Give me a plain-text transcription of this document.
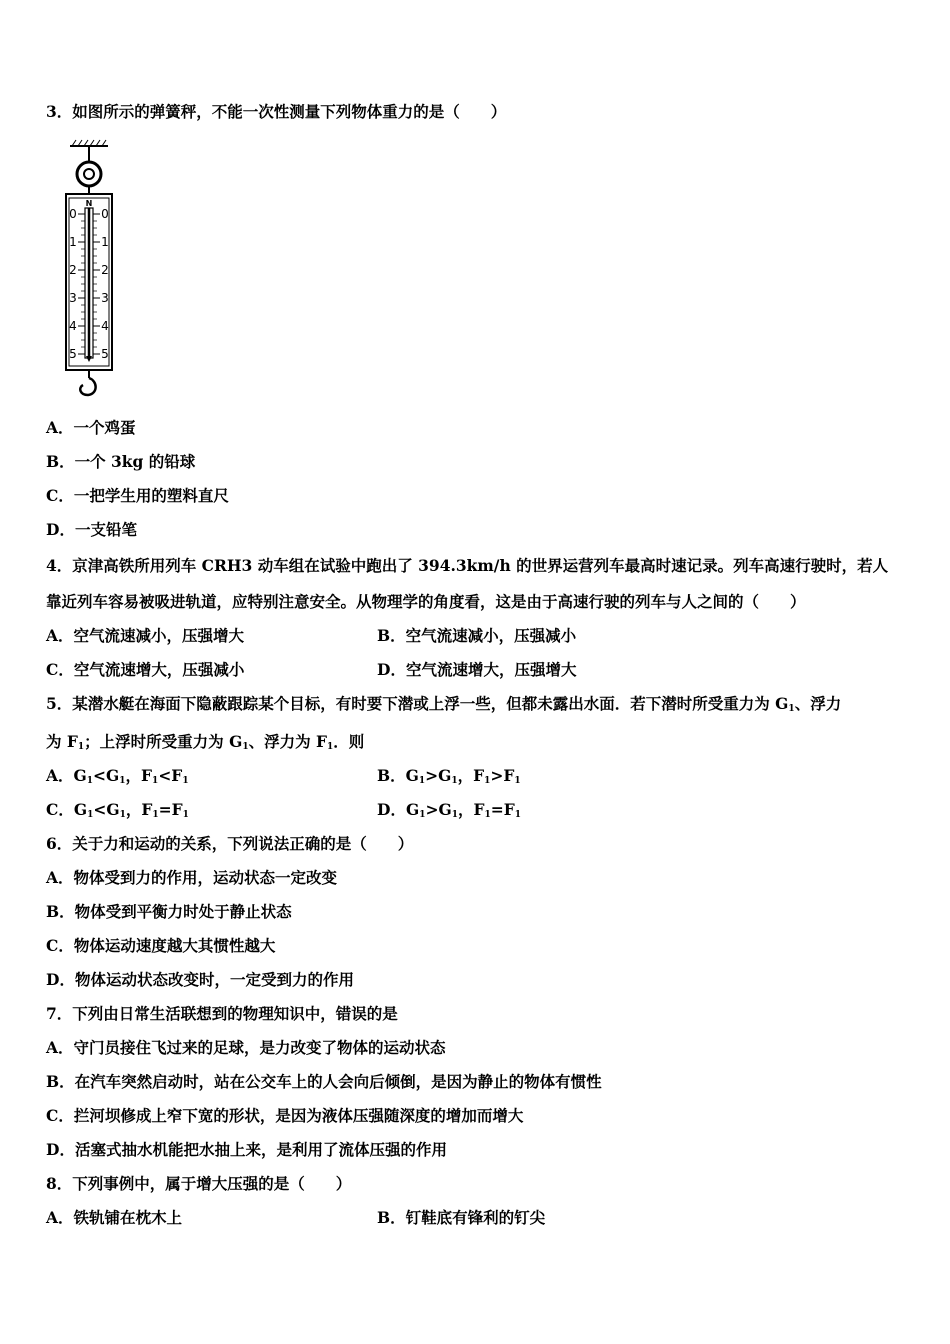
3．如图所示的弹簧秤，不能一次性测量下列物体重力的是（　　）
N
0
1
2
3
4
5
0
1
2
3
4
5
A．一个鸡蛋
B．一个 3kg 的铅球
C．一把学生用的塑料直尺
D．一支铅笔
4．京津高铁所用列车 CRH3 动车组在试验中跑出了 394.3km/h 的世界运营列车最高时速记录。列车高速行驶时，若人
靠近列车容易被吸进轨道，应特别注意安全。从物理学的角度看，这是由于高速行驶的列车与人之间的（　　）
A．空气流速减小，压强增大	B．空气流速减小，压强减小
C．空气流速增大，压强减小	D．空气流速增大，压强增大
5．某潜水艇在海面下隐蔽跟踪某个目标，有时要下潜或上浮一些，但都未露出水面．若下潜时所受重力为 $G_1$、浮力
为 $F_1$；上浮时所受重力为 $G_1$、浮力为 $F_1$．则
A．$G_1<G_1$，$F_1<F_1$	B．$G_1>G_1$，$F_1>F_1$
C．$G_1<G_1$，$F_1=F_1$	D．$G_1>G_1$，$F_1=F_1$
6．关于力和运动的关系，下列说法正确的是（　　）
A．物体受到力的作用，运动状态一定改变
B．物体受到平衡力时处于静止状态
C．物体运动速度越大其惯性越大
D．物体运动状态改变时，一定受到力的作用
7．下列由日常生活联想到的物理知识中，错误的是
A．守门员接住飞过来的足球，是力改变了物体的运动状态
B．在汽车突然启动时，站在公交车上的人会向后倾倒，是因为静止的物体有惯性
C．拦河坝修成上窄下宽的形状，是因为液体压强随深度的增加而增大
D．活塞式抽水机能把水抽上来，是利用了流体压强的作用
8．下列事例中，属于增大压强的是（　　）
A．铁轨铺在枕木上	B．钉鞋底有锋利的钉尖
